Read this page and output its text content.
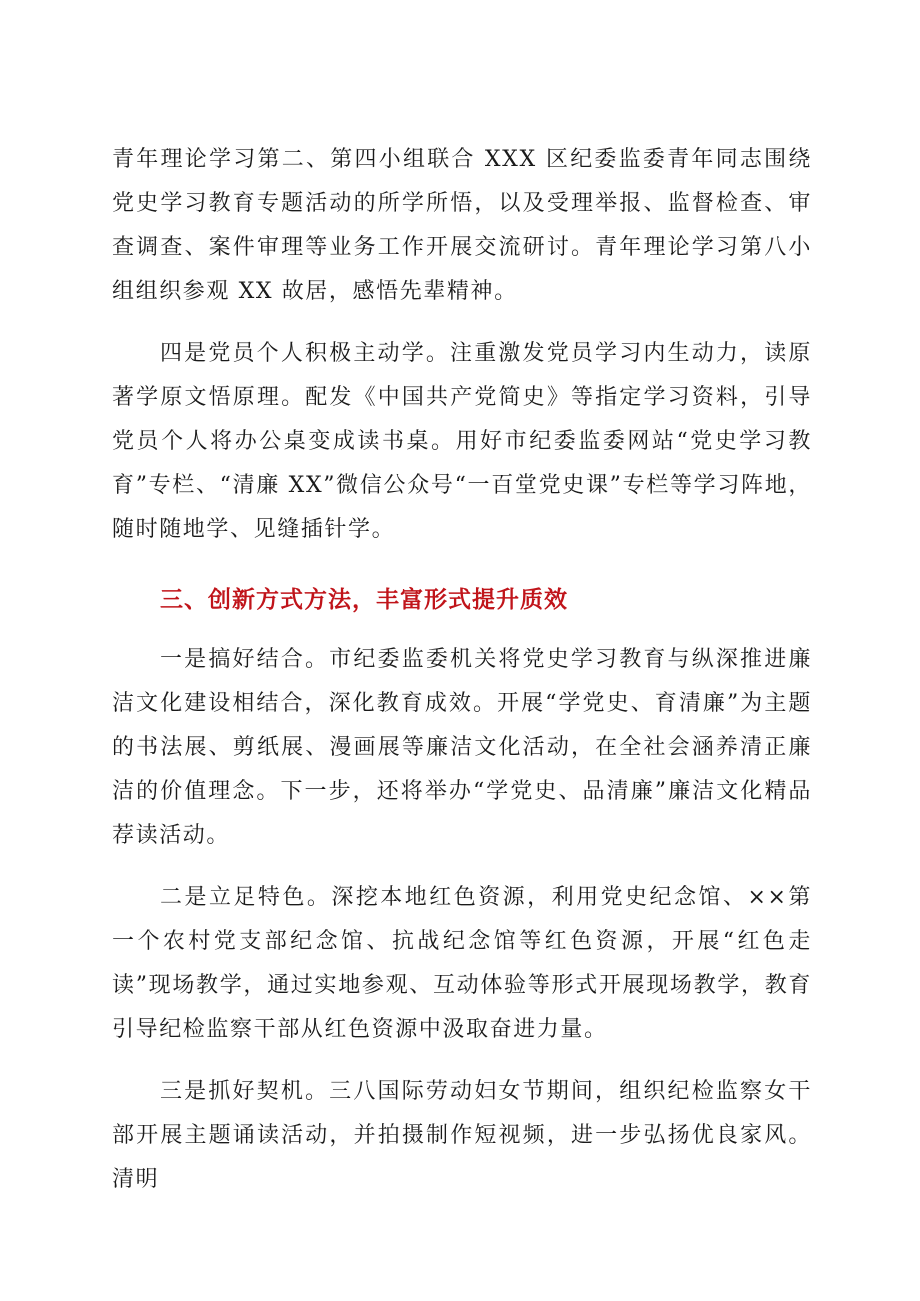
青年理论学习第二、第四小组联合 XXX 区纪委监委青年同志围绕党史学习教育专题活动的所学所悟，以及受理举报、监督检查、审查调查、案件审理等业务工作开展交流研讨。青年理论学习第八小组组织参观 XX 故居，感悟先辈精神。

四是党员个人积极主动学。注重激发党员学习内生动力，读原著学原文悟原理。配发《中国共产党简史》等指定学习资料，引导党员个人将办公桌变成读书桌。用好市纪委监委网站“党史学习教育”专栏、“清廉 XX”微信公众号“一百堂党史课”专栏等学习阵地，随时随地学、见缝插针学。

三、创新方式方法，丰富形式提升质效

一是搞好结合。市纪委监委机关将党史学习教育与纵深推进廉洁文化建设相结合，深化教育成效。开展“学党史、育清廉”为主题的书法展、剪纸展、漫画展等廉洁文化活动，在全社会涵养清正廉洁的价值理念。下一步，还将举办“学党史、品清廉”廉洁文化精品荐读活动。

二是立足特色。深挖本地红色资源，利用党史纪念馆、××第一个农村党支部纪念馆、抗战纪念馆等红色资源，开展“红色走读”现场教学，通过实地参观、互动体验等形式开展现场教学，教育引导纪检监察干部从红色资源中汲取奋进力量。

三是抓好契机。三八国际劳动妇女节期间，组织纪检监察女干部开展主题诵读活动，并拍摄制作短视频，进一步弘扬优良家风。清明
